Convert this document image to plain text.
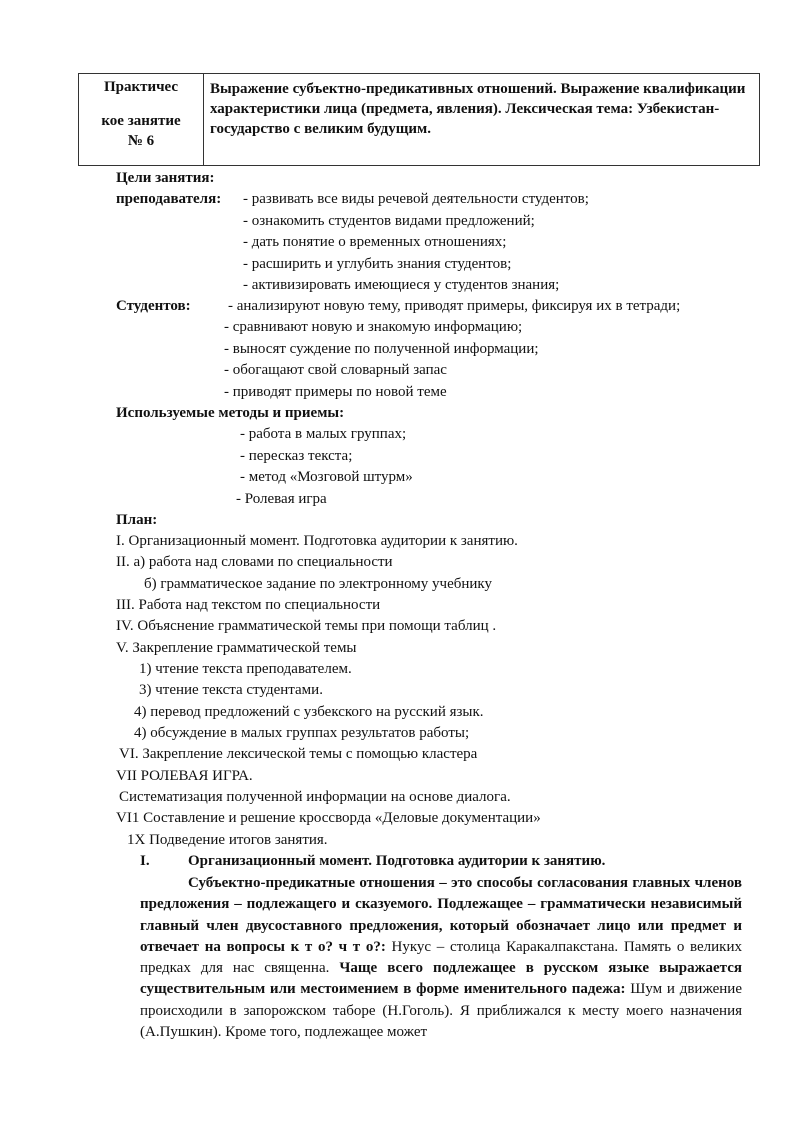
Практичес
кое занятие
№ 6
Выражение субъектно-предикативных отношений. Выражение квалификации характеристики лица (предмета, явления). Лексическая тема: Узбекистан-государство с великим будущим.
Цели занятия:
преподавателя: - развивать все виды речевой деятельности студентов;
- ознакомить студентов видами предложений;
- дать понятие о временных отношениях;
- расширить и углубить знания студентов;
- активизировать имеющиеся у студентов знания;
Студентов: - анализируют новую тему, приводят примеры, фиксируя их в тетради;
- сравнивают новую и знакомую информацию;
- выносят суждение по полученной информации;
- обогащают свой словарный запас
- приводят примеры по новой теме
Используемые методы и приемы:
- работа в малых группах;
- пересказ текста;
- метод «Мозговой штурм»
- Ролевая игра
План:
I. Организационный момент. Подготовка аудитории к занятию.
II. а) работа над словами по специальности
б) грамматическое задание по электронному учебнику
III. Работа над текстом по специальности
IV. Объяснение грамматической темы при помощи таблиц .
V. Закрепление грамматической темы
1) чтение текста преподавателем.
3) чтение текста студентами.
4) перевод предложений с узбекского на русский язык.
4) обсуждение в малых группах результатов работы;
VI. Закрепление лексической темы с помощью кластера
VII РОЛЕВАЯ ИГРА.
Систематизация полученной информации на основе диалога.
VI1 Составление и решение кроссворда «Деловые документации»
1Х Подведение итогов занятия.
I.	Организационный момент. Подготовка аудитории к занятию.
Субъектно-предикатные отношения – это способы согласования главных членов предложения – подлежащего и сказуемого. Подлежащее – грамматически независимый главный член двусоставного предложения, который обозначает лицо или предмет и отвечает на вопросы к т о? ч т о?: Нукус – столица Каракалпакстана. Память о великих предках для нас священна. Чаще всего подлежащее в русском языке выражается существительным или местоимением в форме именительного падежа: Шум и движение происходили в запорожском таборе (Н.Гоголь). Я приближался к месту моего назначения (А.Пушкин). Кроме того, подлежащее может
